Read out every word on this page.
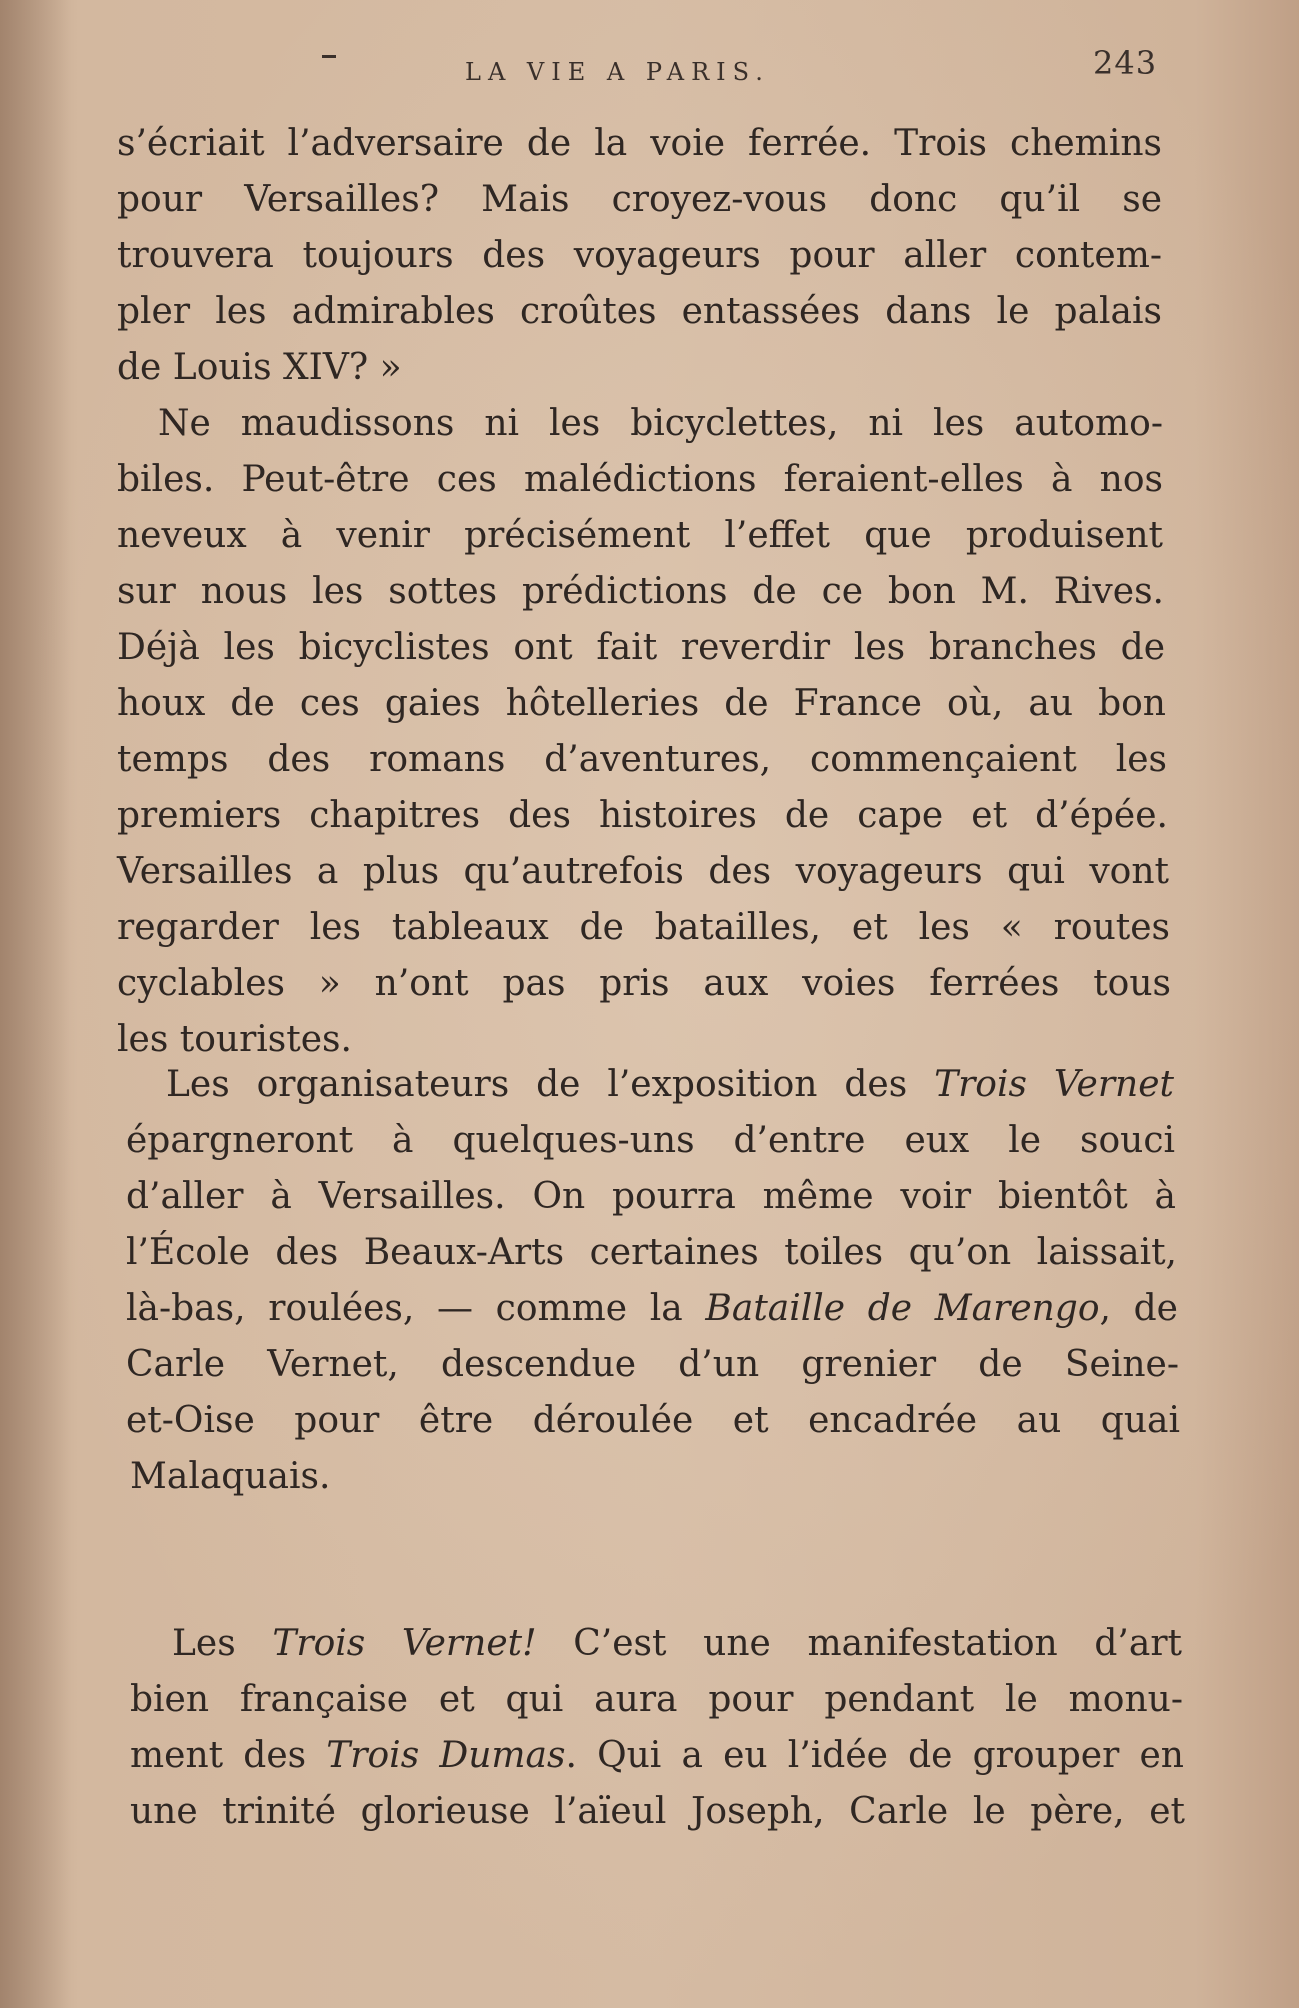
LA VIE A PARIS.	243
s’écriait l’adversaire de la voie ferrée. Trois chemins
pour Versailles? Mais croyez-vous donc qu’il se
trouvera toujours des voyageurs pour aller contem-
pler les admirables croûtes entassées dans le palais
de Louis XIV? »
Ne maudissons ni les bicyclettes, ni les automo-
biles. Peut-être ces malédictions feraient-elles à nos
neveux à venir précisément l’effet que produisent
sur nous les sottes prédictions de ce bon M. Rives.
Déjà les bicyclistes ont fait reverdir les branches de
houx de ces gaies hôtelleries de France où, au bon
temps des romans d’aventures, commençaient les
premiers chapitres des histoires de cape et d’épée.
Versailles a plus qu’autrefois des voyageurs qui vont
regarder les tableaux de batailles, et les « routes
cyclables » n’ont pas pris aux voies ferrées tous
les touristes.
Les organisateurs de l’exposition des Trois Vernet
épargneront à quelques-uns d’entre eux le souci
d’aller à Versailles. On pourra même voir bientôt à
l’École des Beaux-Arts certaines toiles qu’on laissait,
là-bas, roulées, — comme la Bataille de Marengo, de
Carle Vernet, descendue d’un grenier de Seine-
et-Oise pour être déroulée et encadrée au quai
Malaquais.
Les Trois Vernet! C’est une manifestation d’art
bien française et qui aura pour pendant le monu-
ment des Trois Dumas. Qui a eu l’idée de grouper en
une trinité glorieuse l’aïeul Joseph, Carle le père, et
